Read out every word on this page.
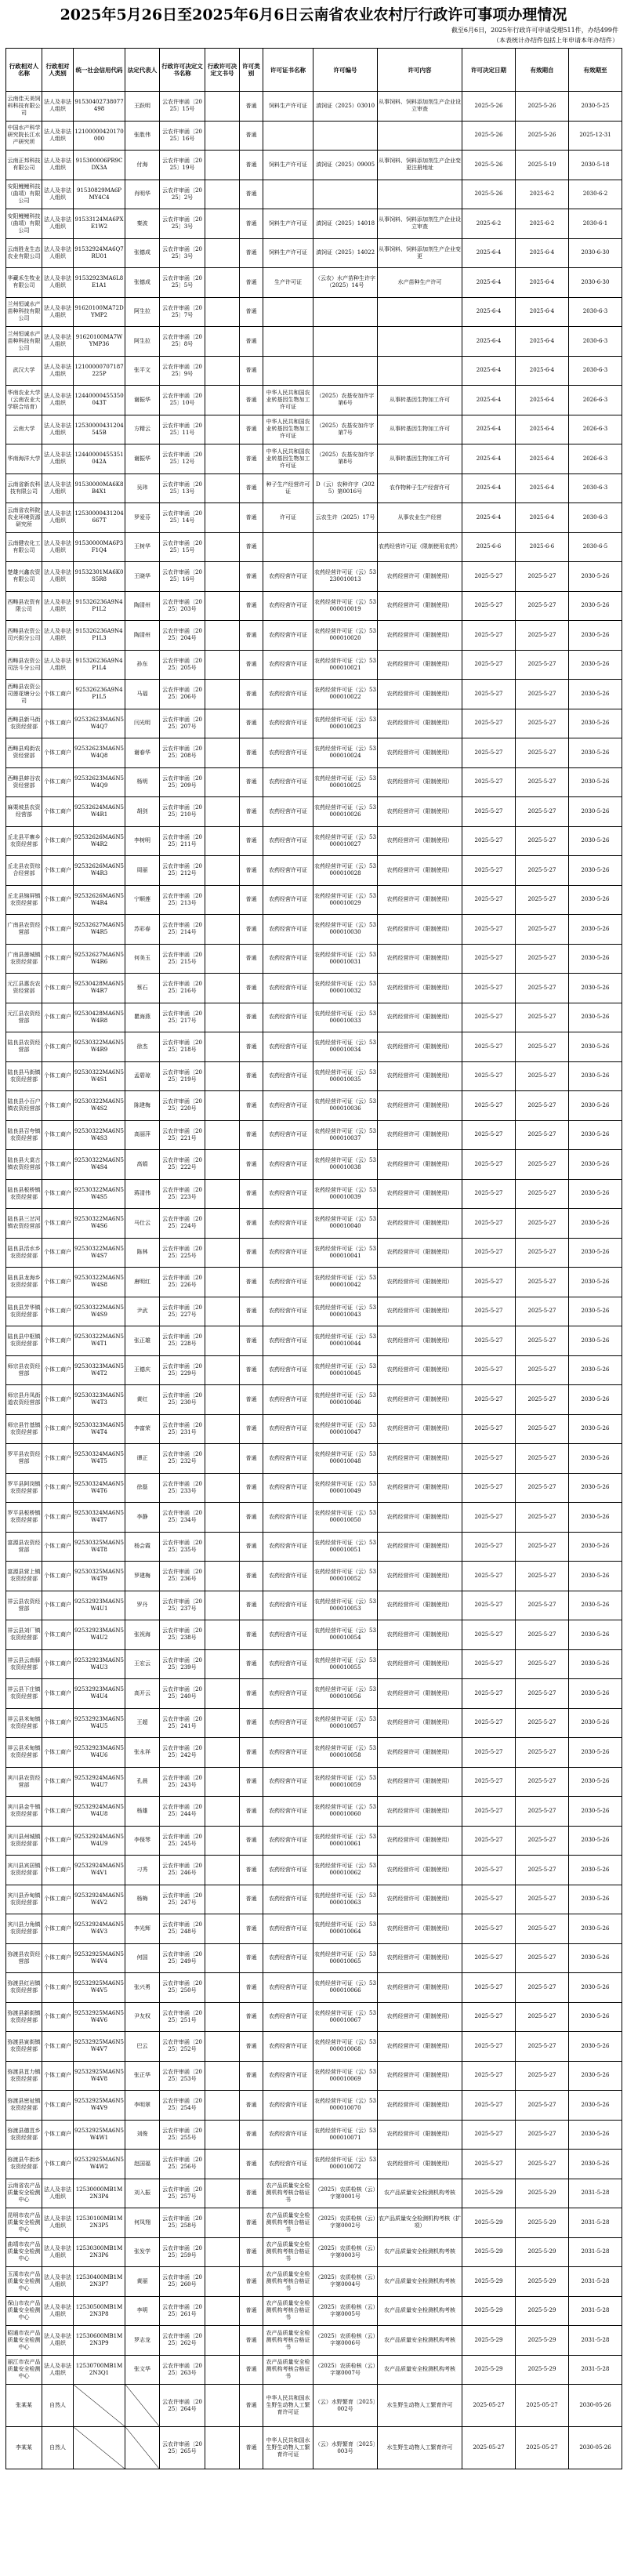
2025年5月26日至2025年6月6日云南省农业农村厅行政许可事项办理情况
截至6月6日，2025年行政许可申请受理511件，办结499件
（本表统计办结件包括上年申请本年办结件）
行政相对人名称	行政相对人类别	统一社会信用代码	法定代表人	行政许可决定文书名称	行政许可决定文书号	许可类别	许可证书名称	许可编号	许可内容	许可决定日期	有效期自	有效期至
云南佳天美饲料科技有限公司	法人及非法人组织	91530402738077498	王跃明	云农许审函〔2025〕15号		普通	饲料生产许可证	滇饲证（2025）03010	从事饲料、饲料添加剂生产企业设立审查	2025-5-26	2025-5-26	2030-5-25
中国水产科学研究院长江水产研究所	法人及非法人组织	12100000420170000	张胜伟	云农许审函〔2025〕16号		普通				2025-5-26	2025-5-26	2025-12-31
云南正邦科技有限公司	法人及非法人组织	915300006PR9CDX3A	付海	云农许审函〔2025〕19号		普通	饲料生产许可证	滇饲证（2025）09005	从事饲料、饲料添加剂生产企业变更注册地址	2025-5-26	2025-5-19	2030-5-18
安阳鲤鲤科技（曲靖）有限公司	法人及非法人组织	91530829MA6PMY4C4	肖明华	云农许审函〔2025〕2号		普通				2025-5-26	2025-6-2	2030-6-2
安阳鲤鲤科技（曲靖）有限公司	法人及非法人组织	91533124MA6PXE1W2	秦波	云农许审函〔2025〕3号		普通	饲料生产许可证	滇饲证（2025）14018	从事饲料、饲料添加剂生产企业设立审查	2025-6-2	2025-6-2	2030-6-1
云南胜龙生态农业有限公司	法人及非法人组织	91532924MA6Q7RU01	张德成	云农许审函〔2025〕3号		普通	饲料生产许可证	滇饲证（2025）14022	从事饲料、饲料添加剂生产企业变更	2025-6-4	2025-6-4	2030-6-30
华藏禾生牧业有限公司	法人及非法人组织	91532923MA6L8E1A1	张德成	云农许审函〔2025〕5号		普通	生产许可证	（云农）水产苗种生许字（2025）14号	水产苗种生产许可	2025-6-4	2025-6-4	2030-6-30
兰州恒诚水产苗种科技有限公司	法人及非法人组织	91620100MA72DYMP2	阿生拉	云农许审函〔2025〕7号		普通				2025-6-4	2025-6-4	2030-6-3
兰州恒诚水产苗种科技有限公司	法人及非法人组织	91620100MA7WYMP36	阿生拉	云农许审函〔2025〕8号		普通				2025-6-4	2025-6-4	2030-6-3
武汉大学	法人及非法人组织	12100000707187225P	张平文	云农许审函〔2025〕9号		普通				2025-6-4	2025-6-4	2030-6-3
华南农业大学（云南农业大学联合培育）	法人及非法人组织	12440000455350043T	谢振华	云农许审函〔2025〕10号		普通	中华人民共和国农业转基因生物加工许可证	（2025）农基安加许字第6号	从事转基因生物加工许可	2025-6-4	2025-6-4	2026-6-3
云南大学	法人及非法人组织	12530000431204545B	方精云	云农许审函〔2025〕11号		普通	中华人民共和国农业转基因生物加工许可证	（2025）农基安加许字第7号	从事转基因生物加工许可	2025-6-4	2025-6-4	2026-6-3
华南海洋大学	法人及非法人组织	12440000455351042A	谢振华	云农许审函〔2025〕12号		普通	中华人民共和国农业转基因生物加工许可证	（2025）农基安加许字第8号	从事转基因生物加工许可	2025-6-4	2025-6-4	2026-6-3
云南省新农科技有限公司	法人及非法人组织	91530000MA6K8B4X1	吴玮	云农许审函〔2025〕13号		普通	种子生产经营许可证	D（云）农种许字（2025）第0016号	农作物种子生产经营许可	2025-6-4	2025-6-4	2030-6-3
云南省农科院农业环境资源研究所	法人及非法人组织	12530000431204667T	罗爱芬	云农许审函〔2025〕14号		普通	许可证	云农生许（2025）17号	从事农业生产经营	2025-6-4	2025-6-4	2030-6-3
云南健农化工有限公司	法人及非法人组织	91530000MA6P3F1Q4	王树华	云农许审函〔2025〕15号		普通			农药经营许可证（限制使用农药）	2025-6-6	2025-6-6	2030-6-5
楚雄兴鑫农资有限公司	法人及非法人组织	91532301MA6K0S5R8	王晓华	云农许审函〔2025〕16号		普通	农药经营许可证	农药经营许可证（云）53230010013	农药经营许可（限制使用）	2025-5-27	2025-5-27	2030-5-26
西畴县农资有限公司	法人及非法人组织	915326236A9N4P1L2	陶清州	云农许审函〔2025〕203号		普通	农药经营许可证	农药经营许可证（云）53000010019	农药经营许可（限制使用）	2025-5-27	2025-5-27	2030-5-26
西畴县农资公司兴街分公司	法人及非法人组织	915326236A9N4P1L3	陶清州	云农许审函〔2025〕204号		普通	农药经营许可证	农药经营许可证（云）53000010020	农药经营许可（限制使用）	2025-5-27	2025-5-27	2030-5-26
西畴县农资公司法斗分公司	法人及非法人组织	915326236A9N4P1L4	孙东	云农许审函〔2025〕205号		普通	农药经营许可证	农药经营许可证（云）53000010021	农药经营许可（限制使用）	2025-5-27	2025-5-27	2030-5-26
西畴县农资公司莲花塘分公司	个体工商户	925326236A9N4P1L5	马福	云农许审函〔2025〕206号		普通	农药经营许可证	农药经营许可证（云）53000010022	农药经营许可（限制使用）	2025-5-27	2025-5-27	2030-5-26
西畴县新马街农资经营部	个体工商户	92532623MA6N5W4Q7	闫光明	云农许审函〔2025〕207号		普通	农药经营许可证	农药经营许可证（云）53000010023	农药经营许可（限制使用）	2025-5-27	2025-5-27	2030-5-26
西畴县鸡街农资经营部	个体工商户	92532623MA6N5W4Q8	谢春华	云农许审函〔2025〕208号		普通	农药经营许可证	农药经营许可证（云）53000010024	农药经营许可（限制使用）	2025-5-27	2025-5-27	2030-5-26
西畴县蚌谷农资经营部	个体工商户	92532623MA6N5W4Q9	杨明	云农许审函〔2025〕209号		普通	农药经营许可证	农药经营许可证（云）53000010025	农药经营许可（限制使用）	2025-5-27	2025-5-27	2030-5-26
麻栗坡县农资经营部	个体工商户	92532624MA6N5W4R1	胡剑	云农许审函〔2025〕210号		普通	农药经营许可证	农药经营许可证（云）53000010026	农药经营许可（限制使用）	2025-5-27	2025-5-27	2030-5-26
丘北县平寨乡农资经营部	个体工商户	92532626MA6N5W4R2	李树明	云农许审函〔2025〕211号		普通	农药经营许可证	农药经营许可证（云）53000010027	农药经营许可（限制使用）	2025-5-27	2025-5-27	2030-5-26
丘北县农资综合经营部	个体工商户	92532626MA6N5W4R3	周丽	云农许审函〔2025〕212号		普通	农药经营许可证	农药经营许可证（云）53000010028	农药经营许可（限制使用）	2025-5-27	2025-5-27	2030-5-26
丘北县锦屏镇农资经营部	个体工商户	92532626MA6N5W4R4	宁顺莲	云农许审函〔2025〕213号		普通	农药经营许可证	农药经营许可证（云）53000010029	农药经营许可（限制使用）	2025-5-27	2025-5-27	2030-5-26
广南县农资经营部	个体工商户	92532627MA6N5W4R5	苏彩春	云农许审函〔2025〕214号		普通	农药经营许可证	农药经营许可证（云）53000010030	农药经营许可（限制使用）	2025-5-27	2025-5-27	2030-5-26
广南县莲城镇农资经营部	个体工商户	92532627MA6N5W4R6	何美玉	云农许审函〔2025〕215号		普通	农药经营许可证	农药经营许可证（云）53000010031	农药经营许可（限制使用）	2025-5-27	2025-5-27	2030-5-26
元江县惠农农资经营部	个体工商户	92530428MA6N5W4R7	蔡石	云农许审函〔2025〕216号		普通	农药经营许可证	农药经营许可证（云）53000010032	农药经营许可（限制使用）	2025-5-27	2025-5-27	2030-5-26
元江县农资经营部	个体工商户	92530428MA6N5W4R8	瞿海燕	云农许审函〔2025〕217号		普通	农药经营许可证	农药经营许可证（云）53000010033	农药经营许可（限制使用）	2025-5-27	2025-5-27	2030-5-26
陆良县农资经营部	个体工商户	92530322MA6N5W4R9	徐杰	云农许审函〔2025〕218号		普通	农药经营许可证	农药经营许可证（云）53000010034	农药经营许可（限制使用）	2025-5-27	2025-5-27	2030-5-26
陆良县马街镇农资经营部	个体工商户	92530322MA6N5W4S1	孟碧琼	云农许审函〔2025〕219号		普通	农药经营许可证	农药经营许可证（云）53000010035	农药经营许可（限制使用）	2025-5-27	2025-5-27	2030-5-26
陆良县小百户镇农资经营部	个体工商户	92530322MA6N5W4S2	陈建梅	云农许审函〔2025〕220号		普通	农药经营许可证	农药经营许可证（云）53000010036	农药经营许可（限制使用）	2025-5-27	2025-5-27	2030-5-26
陆良县召夸镇农资经营部	个体工商户	92530322MA6N5W4S3	高丽萍	云农许审函〔2025〕221号		普通	农药经营许可证	农药经营许可证（云）53000010037	农药经营许可（限制使用）	2025-5-27	2025-5-27	2030-5-26
陆良县大莫古镇农资经营部	个体工商户	92530322MA6N5W4S4	高娟	云农许审函〔2025〕222号		普通	农药经营许可证	农药经营许可证（云）53000010038	农药经营许可（限制使用）	2025-5-27	2025-5-27	2030-5-26
陆良县板桥镇农资经营部	个体工商户	92530322MA6N5W4S5	蒋清伟	云农许审函〔2025〕223号		普通	农药经营许可证	农药经营许可证（云）53000010039	农药经营许可（限制使用）	2025-5-27	2025-5-27	2030-5-26
陆良县三岔河镇农资经营部	个体工商户	92530322MA6N5W4S6	马仕云	云农许审函〔2025〕224号		普通	农药经营许可证	农药经营许可证（云）53000010040	农药经营许可（限制使用）	2025-5-27	2025-5-27	2030-5-26
陆良县活水乡农资经营部	个体工商户	92530322MA6N5W4S7	陈林	云农许审函〔2025〕225号		普通	农药经营许可证	农药经营许可证（云）53000010041	农药经营许可（限制使用）	2025-5-27	2025-5-27	2030-5-26
陆良县龙海乡农资经营部	个体工商户	92530322MA6N5W4S8	唐明红	云农许审函〔2025〕226号		普通	农药经营许可证	农药经营许可证（云）53000010042	农药经营许可（限制使用）	2025-5-27	2025-5-27	2030-5-26
陆良县芳华镇农资经营部	个体工商户	92530322MA6N5W4S9	尹武	云农许审函〔2025〕227号		普通	农药经营许可证	农药经营许可证（云）53000010043	农药经营许可（限制使用）	2025-5-27	2025-5-27	2030-5-26
陆良县中枢镇农资经营部	个体工商户	92530322MA6N5W4T1	张正雄	云农许审函〔2025〕228号		普通	农药经营许可证	农药经营许可证（云）53000010044	农药经营许可（限制使用）	2025-5-27	2025-5-27	2030-5-26
师宗县农资经营部	个体工商户	92530323MA6N5W4T2	王德庆	云农许审函〔2025〕229号		普通	农药经营许可证	农药经营许可证（云）53000010045	农药经营许可（限制使用）	2025-5-27	2025-5-27	2030-5-26
师宗县丹凤街道农资经营部	个体工商户	92530323MA6N5W4T3	黄红	云农许审函〔2025〕230号		普通	农药经营许可证	农药经营许可证（云）53000010046	农药经营许可（限制使用）	2025-5-27	2025-5-27	2030-5-26
师宗县竹基镇农资经营部	个体工商户	92530323MA6N5W4T4	李富荣	云农许审函〔2025〕231号		普通	农药经营许可证	农药经营许可证（云）53000010047	农药经营许可（限制使用）	2025-5-27	2025-5-27	2030-5-26
罗平县农资经营部	个体工商户	92530324MA6N5W4T5	谭正	云农许审函〔2025〕232号		普通	农药经营许可证	农药经营许可证（云）53000010048	农药经营许可（限制使用）	2025-5-27	2025-5-27	2030-5-26
罗平县阿岗镇农资经营部	个体工商户	92530324MA6N5W4T6	徐磊	云农许审函〔2025〕233号		普通	农药经营许可证	农药经营许可证（云）53000010049	农药经营许可（限制使用）	2025-5-27	2025-5-27	2030-5-26
罗平县板桥镇农资经营部	个体工商户	92530324MA6N5W4T7	李静	云农许审函〔2025〕234号		普通	农药经营许可证	农药经营许可证（云）53000010050	农药经营许可（限制使用）	2025-5-27	2025-5-27	2030-5-26
富源县农资经营部	个体工商户	92530325MA6N5W4T8	杨会霞	云农许审函〔2025〕235号		普通	农药经营许可证	农药经营许可证（云）53000010051	农药经营许可（限制使用）	2025-5-27	2025-5-27	2030-5-26
富源县营上镇农资经营部	个体工商户	92530325MA6N5W4T9	罗建梅	云农许审函〔2025〕236号		普通	农药经营许可证	农药经营许可证（云）53000010052	农药经营许可（限制使用）	2025-5-27	2025-5-27	2030-5-26
祥云县农资经营部	个体工商户	92532923MA6N5W4U1	罗丹	云农许审函〔2025〕237号		普通	农药经营许可证	农药经营许可证（云）53000010053	农药经营许可（限制使用）	2025-5-27	2025-5-27	2030-5-26
祥云县刘厂镇农资经营部	个体工商户	92532923MA6N5W4U2	张祝海	云农许审函〔2025〕238号		普通	农药经营许可证	农药经营许可证（云）53000010054	农药经营许可（限制使用）	2025-5-27	2025-5-27	2030-5-26
祥云县云南驿农资经营部	个体工商户	92532923MA6N5W4U3	王宏云	云农许审函〔2025〕239号		普通	农药经营许可证	农药经营许可证（云）53000010055	农药经营许可（限制使用）	2025-5-27	2025-5-27	2030-5-26
祥云县下庄镇农资经营部	个体工商户	92532923MA6N5W4U4	高开云	云农许审函〔2025〕240号		普通	农药经营许可证	农药经营许可证（云）53000010056	农药经营许可（限制使用）	2025-5-27	2025-5-27	2030-5-26
祥云县米甸镇农资经营部	个体工商户	92532923MA6N5W4U5	王超	云农许审函〔2025〕241号		普通	农药经营许可证	农药经营许可证（云）53000010057	农药经营许可（限制使用）	2025-5-27	2025-5-27	2030-5-26
祥云县禾甸镇农资经营部	个体工商户	92532923MA6N5W4U6	张永祥	云农许审函〔2025〕242号		普通	农药经营许可证	农药经营许可证（云）53000010058	农药经营许可（限制使用）	2025-5-27	2025-5-27	2030-5-26
宾川县农资经营部	个体工商户	92532924MA6N5W4U7	孔晨	云农许审函〔2025〕243号		普通	农药经营许可证	农药经营许可证（云）53000010059	农药经营许可（限制使用）	2025-5-27	2025-5-27	2030-5-26
宾川县金牛镇农资经营部	个体工商户	92532924MA6N5W4U8	杨雄	云农许审函〔2025〕244号		普通	农药经营许可证	农药经营许可证（云）53000010060	农药经营许可（限制使用）	2025-5-27	2025-5-27	2030-5-26
宾川县州城镇农资经营部	个体工商户	92532924MA6N5W4U9	李保琴	云农许审函〔2025〕245号		普通	农药经营许可证	农药经营许可证（云）53000010061	农药经营许可（限制使用）	2025-5-27	2025-5-27	2030-5-26
宾川县宾居镇农资经营部	个体工商户	92532924MA6N5W4V1	刁秀	云农许审函〔2025〕246号		普通	农药经营许可证	农药经营许可证（云）53000010062	农药经营许可（限制使用）	2025-5-27	2025-5-27	2030-5-26
宾川县乔甸镇农资经营部	个体工商户	92532924MA6N5W4V2	杨梅	云农许审函〔2025〕247号		普通	农药经营许可证	农药经营许可证（云）53000010063	农药经营许可（限制使用）	2025-5-27	2025-5-27	2030-5-26
宾川县力角镇农资经营部	个体工商户	92532924MA6N5W4V3	李光辉	云农许审函〔2025〕248号		普通	农药经营许可证	农药经营许可证（云）53000010064	农药经营许可（限制使用）	2025-5-27	2025-5-27	2030-5-26
弥渡县农资经营部	个体工商户	92532925MA6N5W4V4	何国	云农许审函〔2025〕249号		普通	农药经营许可证	农药经营许可证（云）53000010065	农药经营许可（限制使用）	2025-5-27	2025-5-27	2030-5-26
弥渡县红岩镇农资经营部	个体工商户	92532925MA6N5W4V5	张兴勇	云农许审函〔2025〕250号		普通	农药经营许可证	农药经营许可证（云）53000010066	农药经营许可（限制使用）	2025-5-27	2025-5-27	2030-5-26
弥渡县新街镇农资经营部	个体工商户	92532925MA6N5W4V6	尹友权	云农许审函〔2025〕251号		普通	农药经营许可证	农药经营许可证（云）53000010067	农药经营许可（限制使用）	2025-5-27	2025-5-27	2030-5-26
弥渡县寅街镇农资经营部	个体工商户	92532925MA6N5W4V7	巴云	云农许审函〔2025〕252号		普通	农药经营许可证	农药经营许可证（云）53000010068	农药经营许可（限制使用）	2025-5-27	2025-5-27	2030-5-26
弥渡县苴力镇农资经营部	个体工商户	92532925MA6N5W4V8	张正华	云农许审函〔2025〕253号		普通	农药经营许可证	农药经营许可证（云）53000010069	农药经营许可（限制使用）	2025-5-27	2025-5-27	2030-5-26
弥渡县密祉镇农资经营部	个体工商户	92532925MA6N5W4V9	李明翠	云农许审函〔2025〕254号		普通	农药经营许可证	农药经营许可证（云）53000010070	农药经营许可（限制使用）	2025-5-27	2025-5-27	2030-5-26
弥渡县德苴乡农资经营部	个体工商户	92532925MA6N5W4W1	刘俊	云农许审函〔2025〕255号		普通	农药经营许可证	农药经营许可证（云）53000010071	农药经营许可（限制使用）	2025-5-27	2025-5-27	2030-5-26
弥渡县牛街乡农资经营部	个体工商户	92532925MA6N5W4W2	赵国福	云农许审函〔2025〕256号		普通	农药经营许可证	农药经营许可证（云）53000010072	农药经营许可（限制使用）	2025-5-27	2025-5-27	2030-5-26
云南省农产品质量安全检测中心	法人及非法人组织	12530000MB1M2N3P4	刘入振	云农许审函〔2025〕257号		普通	农产品质量安全检测机构考核合格证书	（2025）农质检核（云）字第0001号	农产品质量安全检测机构考核	2025-5-29	2025-5-29	2031-5-28
昆明市农产品质量安全检测中心	法人及非法人组织	12530100MB1M2N3P5	何凤翔	云农许审函〔2025〕258号		普通	农产品质量安全检测机构考核合格证书	（2025）农质检核（云）字第0002号	农产品质量安全检测机构考核（扩项）	2025-5-29	2025-5-29	2031-5-28
曲靖市农产品质量安全检测中心	法人及非法人组织	12530300MB1M2N3P6	张发学	云农许审函〔2025〕259号		普通	农产品质量安全检测机构考核合格证书	（2025）农质检核（云）字第0003号	农产品质量安全检测机构考核	2025-5-29	2025-5-29	2031-5-28
玉溪市农产品质量安全检测中心	法人及非法人组织	12530400MB1M2N3P7	黄丽	云农许审函〔2025〕260号		普通	农产品质量安全检测机构考核合格证书	（2025）农质检核（云）字第0004号	农产品质量安全检测机构考核	2025-5-29	2025-5-29	2031-5-28
保山市农产品质量安全检测中心	法人及非法人组织	12530500MB1M2N3P8	李明	云农许审函〔2025〕261号		普通	农产品质量安全检测机构考核合格证书	（2025）农质检核（云）字第0005号	农产品质量安全检测机构考核	2025-5-29	2025-5-29	2031-5-28
昭通市农产品质量安全检测中心	法人及非法人组织	12530600MB1M2N3P9	罗志龙	云农许审函〔2025〕262号		普通	农产品质量安全检测机构考核合格证书	（2025）农质检核（云）字第0006号	农产品质量安全检测机构考核	2025-5-29	2025-5-29	2031-5-28
丽江市农产品质量安全检测中心	法人及非法人组织	12530700MB1M2N3Q1	张文华	云农许审函〔2025〕263号		普通	农产品质量安全检测机构考核合格证书	（2025）农质检核（云）字第0007号	农产品质量安全检测机构考核	2025-5-29	2025-5-29	2031-5-28
张某某	自然人			云农许审函〔2025〕264号		普通	中华人民共和国水生野生动物人工繁育许可证	（云）水野繁育〔2025〕002号	水生野生动物人工繁育许可	2025-05-27	2025-05-27	2030-05-26
李某某	自然人			云农许审函〔2025〕265号		普通	中华人民共和国水生野生动物人工繁育许可证	（云）水野繁育〔2025〕003号	水生野生动物人工繁育许可	2025-05-27	2025-05-27	2030-05-26
